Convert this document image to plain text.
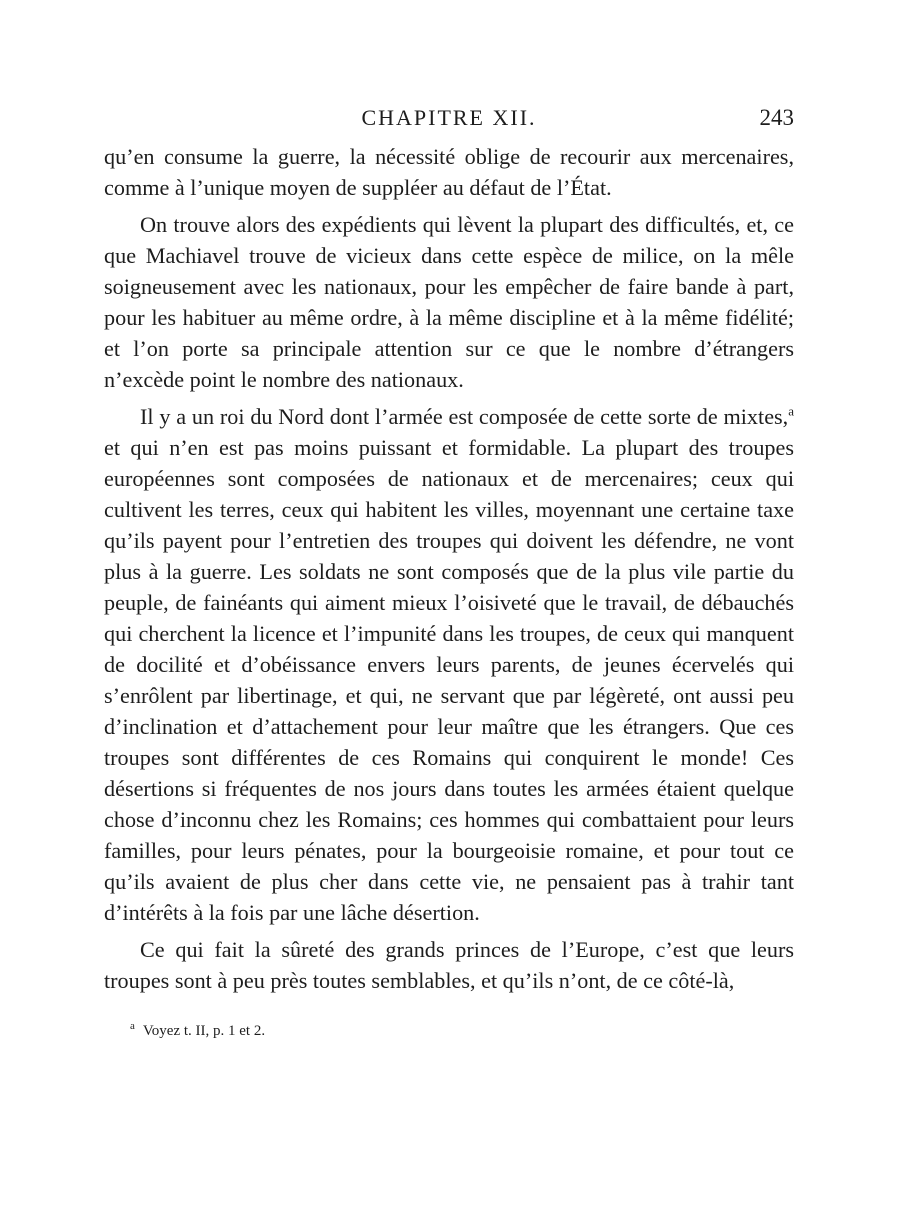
CHAPITRE XII.	243

qu’en consume la guerre, la nécessité oblige de recourir aux mercenaires, comme à l’unique moyen de suppléer au défaut de l’État.

On trouve alors des expédients qui lèvent la plupart des difficultés, et, ce que Machiavel trouve de vicieux dans cette espèce de milice, on la mêle soigneusement avec les nationaux, pour les empêcher de faire bande à part, pour les habituer au même ordre, à la même discipline et à la même fidélité; et l’on porte sa principale attention sur ce que le nombre d’étrangers n’excède point le nombre des nationaux.

Il y a un roi du Nord dont l’armée est composée de cette sorte de mixtes,$^a$ et qui n’en est pas moins puissant et formidable. La plupart des troupes européennes sont composées de nationaux et de mercenaires; ceux qui cultivent les terres, ceux qui habitent les villes, moyennant une certaine taxe qu’ils payent pour l’entretien des troupes qui doivent les défendre, ne vont plus à la guerre. Les soldats ne sont composés que de la plus vile partie du peuple, de fainéants qui aiment mieux l’oisiveté que le travail, de débauchés qui cherchent la licence et l’impunité dans les troupes, de ceux qui manquent de docilité et d’obéissance envers leurs parents, de jeunes écervelés qui s’enrôlent par libertinage, et qui, ne servant que par légèreté, ont aussi peu d’inclination et d’attachement pour leur maître que les étrangers. Que ces troupes sont différentes de ces Romains qui conquirent le monde! Ces désertions si fréquentes de nos jours dans toutes les armées étaient quelque chose d’inconnu chez les Romains; ces hommes qui combattaient pour leurs familles, pour leurs pénates, pour la bourgeoisie romaine, et pour tout ce qu’ils avaient de plus cher dans cette vie, ne pensaient pas à trahir tant d’intérêts à la fois par une lâche désertion.

Ce qui fait la sûreté des grands princes de l’Europe, c’est que leurs troupes sont à peu près toutes semblables, et qu’ils n’ont, de ce côté-là,

$^a$ Voyez t. II, p. 1 et 2.
